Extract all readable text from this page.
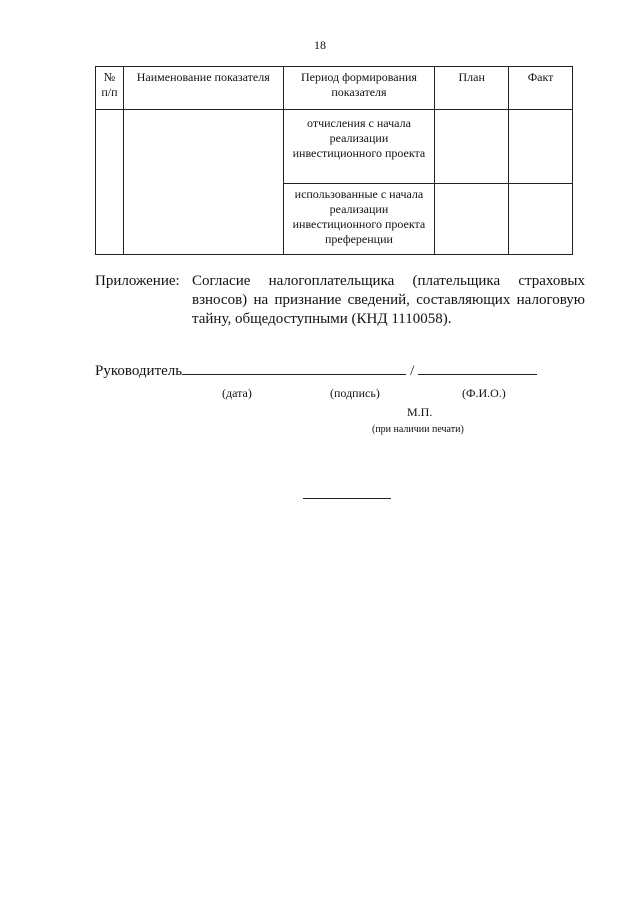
18
№ п/п	Наименование показателя	Период формирования показателя	План	Факт
		отчисления с начала реализации инвестиционного проекта		
		использованные с начала реализации инвестиционного проекта преференции		
Приложение: Согласие налогоплательщика (плательщика страховых взносов) на признание сведений, составляющих налоговую тайну, общедоступными (КНД 1110058).
Руководитель	/
(дата)	(подпись)	(Ф.И.О.)
М.П.
(при наличии печати)
